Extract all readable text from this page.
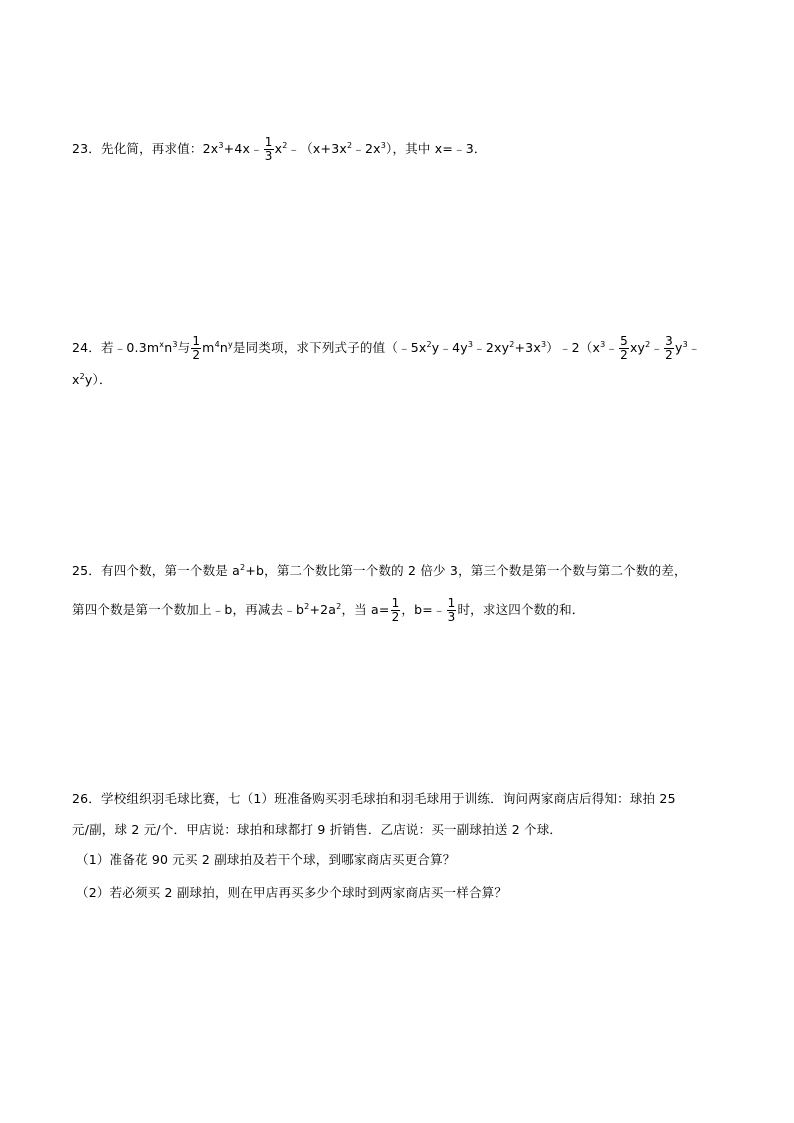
23．先化简，再求值：$2x^3+4x﹣ \frac{1}{3}$ $x^2﹣(x+3x^2﹣2x^3)$，其中 x=﹣3．
24．若$﹣0.3m^xn^3$与 $\frac{1}{2} m^4n^y$是同类项，求下列式子的值$(﹣5x^2y﹣4y^3﹣2xy^2+3x^3)﹣2(x^3﹣ \frac{5}{2}$ $xy^2﹣ \frac{3}{2}$ $y^3﹣$
$x^2y$）．
25．有四个数，第一个数是 $a^2+b$，第二个数比第一个数的 2 倍少 3，第三个数是第一个数与第二个数的差，
第四个数是第一个数加上﹣b，再减去$﹣b^2+2a^2$，当 $a= \frac{1}{2}$ ，b=﹣ $\frac{1}{3}$ 时，求这四个数的和．
26．学校组织羽毛球比赛，七（1）班准备购买羽毛球拍和羽毛球用于训练．询问两家商店后得知：球拍 25
元/副，球 2 元/个．甲店说：球拍和球都打 9 折销售．乙店说：买一副球拍送 2 个球．
（1）准备花 90 元买 2 副球拍及若干个球，到哪家商店买更合算？
（2）若必须买 2 副球拍，则在甲店再买多少个球时到两家商店买一样合算？
